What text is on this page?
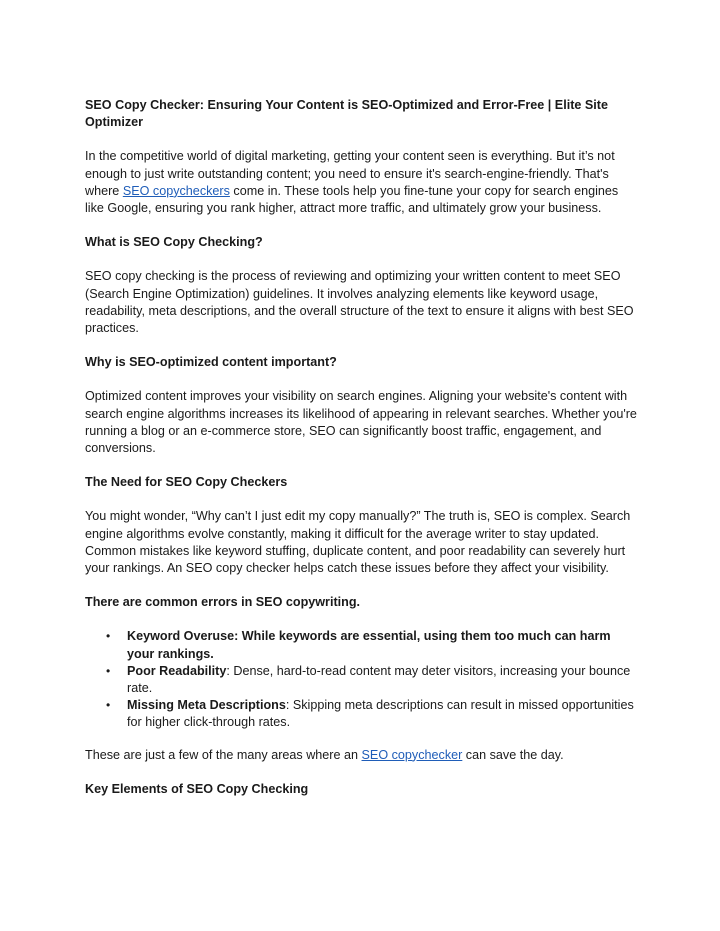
SEO Copy Checker: Ensuring Your Content is SEO-Optimized and Error-Free | Elite Site Optimizer

In the competitive world of digital marketing, getting your content seen is everything. But it’s not enough to just write outstanding content; you need to ensure it's search-engine-friendly. That's where SEO copycheckers come in. These tools help you fine-tune your copy for search engines like Google, ensuring you rank higher, attract more traffic, and ultimately grow your business.

What is SEO Copy Checking?

SEO copy checking is the process of reviewing and optimizing your written content to meet SEO (Search Engine Optimization) guidelines. It involves analyzing elements like keyword usage, readability, meta descriptions, and the overall structure of the text to ensure it aligns with best SEO practices.

Why is SEO-optimized content important?

Optimized content improves your visibility on search engines. Aligning your website's content with search engine algorithms increases its likelihood of appearing in relevant searches. Whether you're running a blog or an e-commerce store, SEO can significantly boost traffic, engagement, and conversions.

The Need for SEO Copy Checkers

You might wonder, “Why can’t I just edit my copy manually?” The truth is, SEO is complex. Search engine algorithms evolve constantly, making it difficult for the average writer to stay updated. Common mistakes like keyword stuffing, duplicate content, and poor readability can severely hurt your rankings. An SEO copy checker helps catch these issues before they affect your visibility.

There are common errors in SEO copywriting.
• Keyword Overuse: While keywords are essential, using them too much can harm your rankings.
• Poor Readability: Dense, hard-to-read content may deter visitors, increasing your bounce rate.
• Missing Meta Descriptions: Skipping meta descriptions can result in missed opportunities for higher click-through rates.

These are just a few of the many areas where an SEO copychecker can save the day.

Key Elements of SEO Copy Checking
